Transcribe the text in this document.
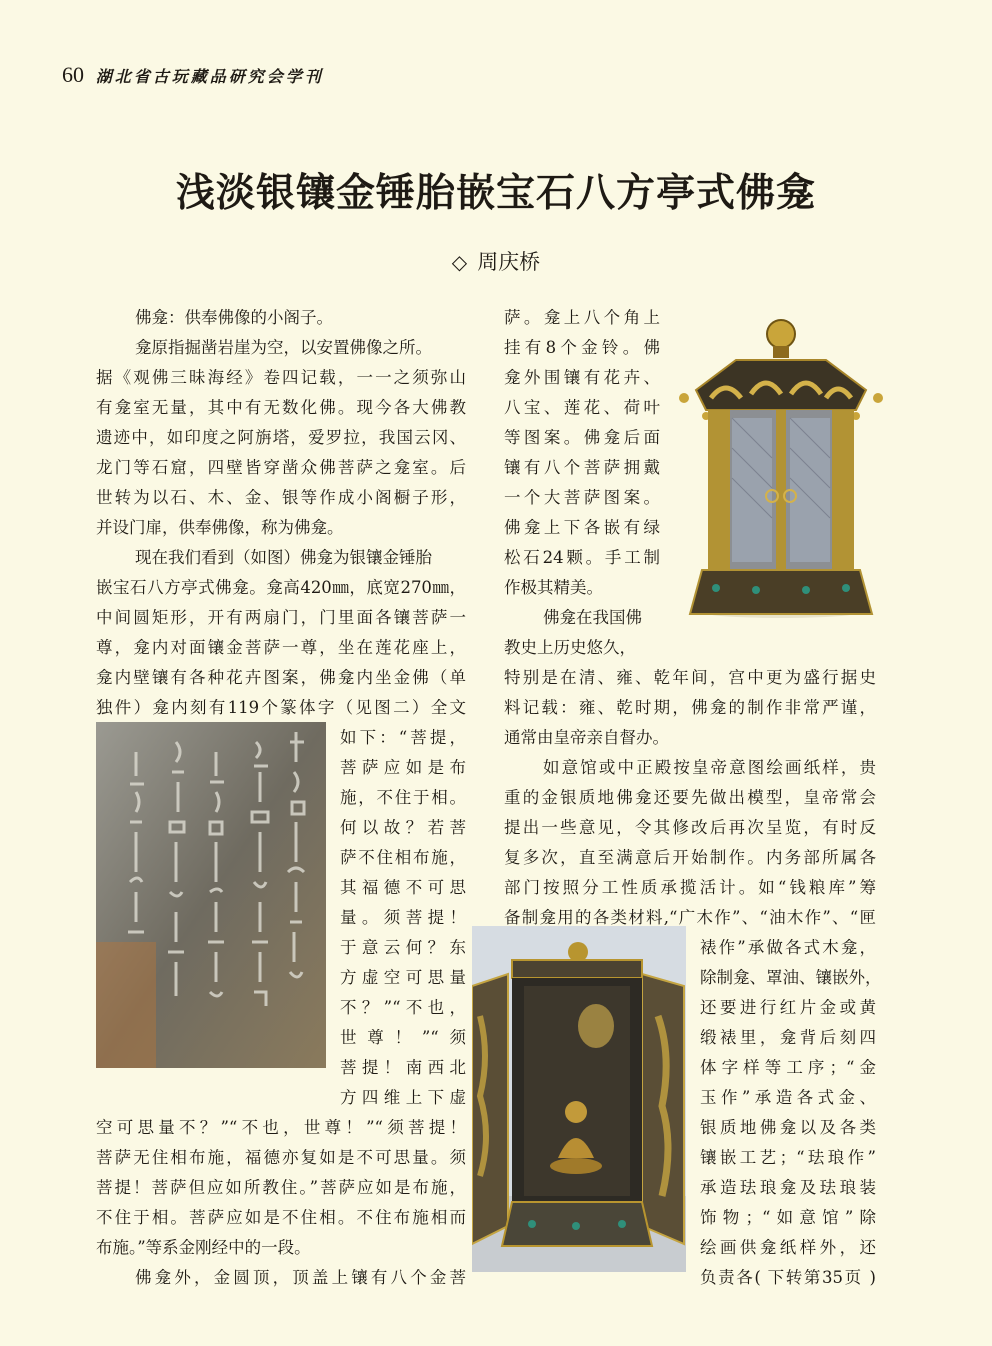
60 湖北省古玩藏品研究会学刊
浅淡银镶金锤胎嵌宝石八方亭式佛龛
◇ 周庆桥
佛龛：供奉佛像的小阁子。
龛原指掘凿岩崖为空，以安置佛像之所。
据《观佛三昧海经》卷四记载，一一之须弥山
有龛室无量，其中有无数化佛。现今各大佛教
遗迹中，如印度之阿旃塔，爱罗拉，我国云冈、
龙门等石窟，四壁皆穿凿众佛菩萨之龛室。后
世转为以石、木、金、银等作成小阁橱子形，
并设门扉，供奉佛像，称为佛龛。
现在我们看到（如图）佛龛为银镶金锤胎
嵌宝石八方亭式佛龛。龛高420㎜，底宽270㎜，
中间圆矩形，开有两扇门，门里面各镶菩萨一
尊，龛内对面镶金菩萨一尊，坐在莲花座上，
龛内壁镶有各种花卉图案，佛龛内坐金佛（单
独件）龛内刻有119个篆体字（见图二）全文
如下：“菩提，
菩萨应如是布
施，不住于相。
何以故？若菩
萨不住相布施，
其福德不可思
量。须菩提！
于意云何？东
方虚空可思量
不？”“不也，
世尊！”“须
菩提！南西北
方四维上下虚
空可思量不？”“不也，世尊！”“须菩提！
菩萨无住相布施，福德亦复如是不可思量。须
菩提！菩萨但应如所教住。”菩萨应如是布施，
不住于相。菩萨应如是不住相。不住布施相而
布施。”等系金刚经中的一段。
佛龛外，金圆顶，顶盖上镶有八个金菩
萨。龛上八个角上
挂有8个金铃。佛
龛外围镶有花卉、
八宝、莲花、荷叶
等图案。佛龛后面
镶有八个菩萨拥戴
一个大菩萨图案。
佛龛上下各嵌有绿
松石24颗。手工制
作极其精美。
佛龛在我国佛
教史上历史悠久，
特别是在清、雍、乾年间，宫中更为盛行据史
料记载：雍、乾时期，佛龛的制作非常严谨，
通常由皇帝亲自督办。
如意馆或中正殿按皇帝意图绘画纸样，贵
重的金银质地佛龛还要先做出模型，皇帝常会
提出一些意见，令其修改后再次呈览，有时反
复多次，直至满意后开始制作。内务部所属各
部门按照分工性质承揽活计。如“钱粮库”筹
备制龛用的各类材料,“广木作”、“油木作”、“匣
裱作”承做各式木龛，
除制龛、罩油、镶嵌外，
还要进行红片金或黄
缎裱里，龛背后刻四
体字样等工序；“金
玉作”承造各式金、
银质地佛龛以及各类
镶嵌工艺；“珐琅作”
承造珐琅龛及珐琅装
饰物；“如意馆”除
绘画供龛纸样外，还
负责各( 下转第35页 )
